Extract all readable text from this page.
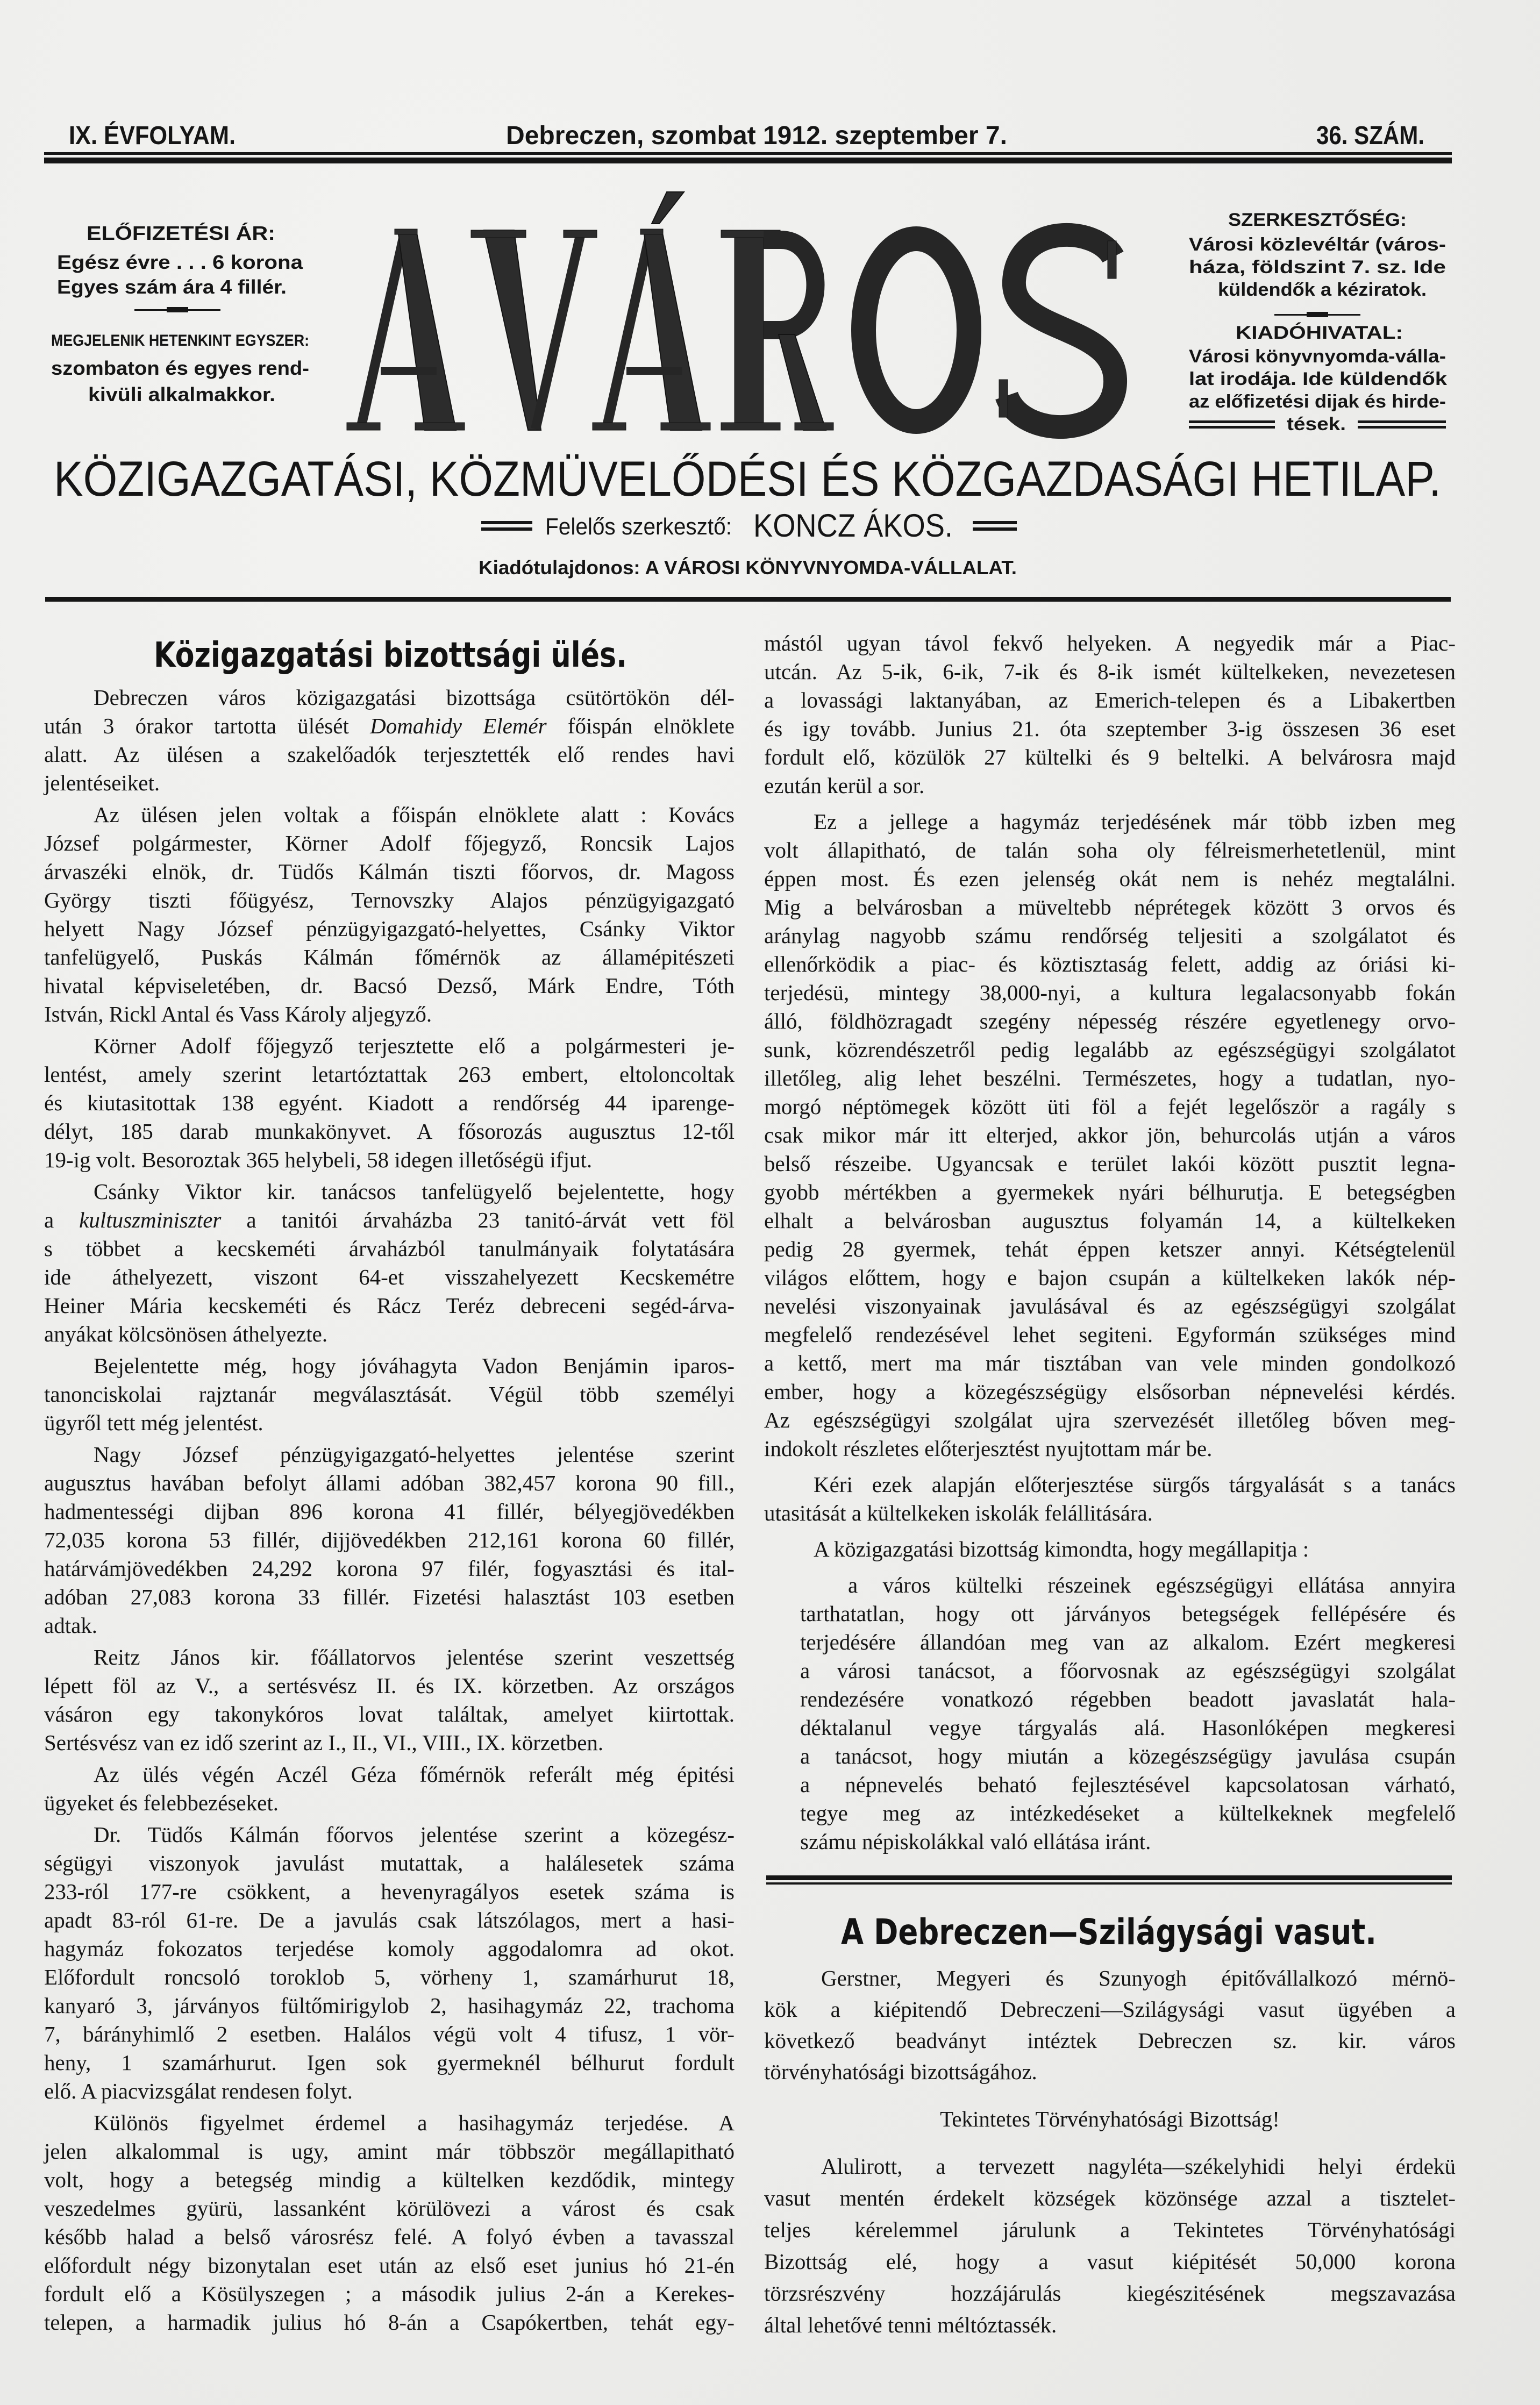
IX. ÉVFOLYAM.	Debreczen, szombat 1912. szeptember 7.	36. SZÁM.
ELŐFIZETÉSI ÁR:
Egész évre . . . 6 korona
Egyes szám ára 4 fillér.
MEGJELENIK HETENKINT EGYSZER:
szombaton és egyes rend-
kivüli alkalmakkor.
SZERKESZTŐSÉG:
Városi közlevéltár (város-
háza, földszint 7. sz. Ide
küldendők a kéziratok.
KIADÓHIVATAL:
Városi könyvnyomda-válla-
lat irodája. Ide küldendők
az előfizetési dijak és hirde-
tések.
KÖZIGAZGATÁSI, KÖZMÜVELŐDÉSI ÉS KÖZGAZDASÁGI HETILAP.
Felelős szerkesztő: KONCZ ÁKOS.
Kiadótulajdonos: A VÁROSI KÖNYVNYOMDA-VÁLLALAT.
Közigazgatási bizottsági ülés.
A Debreczen—Szilágysági vasut.
Debreczen város közigazgatási bizottsága csütörtökön dél-
után 3 órakor tartotta ülését Domahidy Elemér főispán elnöklete
alatt. Az ülésen a szakelőadók terjesztették elő rendes havi
jelentéseiket.
Az ülésen jelen voltak a főispán elnöklete alatt : Kovács
József polgármester, Körner Adolf főjegyző, Roncsik Lajos
árvaszéki elnök, dr. Tüdős Kálmán tiszti főorvos, dr. Magoss
György tiszti főügyész, Ternovszky Alajos pénzügyigazgató
helyett Nagy József pénzügyigazgató-helyettes, Csánky Viktor
tanfelügyelő, Puskás Kálmán főmérnök az államépitészeti
hivatal képviseletében, dr. Bacsó Dezső, Márk Endre, Tóth
István, Rickl Antal és Vass Károly aljegyző.
Körner Adolf főjegyző terjesztette elő a polgármesteri je-
lentést, amely szerint letartóztattak 263 embert, eltoloncoltak
és kiutasitottak 138 egyént. Kiadott a rendőrség 44 iparenge-
délyt, 185 darab munkakönyvet. A fősorozás augusztus 12-től
19-ig volt. Besoroztak 365 helybeli, 58 idegen illetőségü ifjut.
Csánky Viktor kir. tanácsos tanfelügyelő bejelentette, hogy
a kultuszminiszter a tanitói árvaházba 23 tanitó-árvát vett föl
s többet a kecskeméti árvaházból tanulmányaik folytatására
ide áthelyezett, viszont 64-et visszahelyezett Kecskemétre
Heiner Mária kecskeméti és Rácz Teréz debreceni segéd-árva-
anyákat kölcsönösen áthelyezte.
Bejelentette még, hogy jóváhagyta Vadon Benjámin iparos-
tanonciskolai rajztanár megválasztását. Végül több személyi
ügyről tett még jelentést.
Nagy József pénzügyigazgató-helyettes jelentése szerint
augusztus havában befolyt állami adóban 382,457 korona 90 fill.,
hadmentességi dijban 896 korona 41 fillér, bélyegjövedékben
72,035 korona 53 fillér, dijjövedékben 212,161 korona 60 fillér,
határvámjövedékben 24,292 korona 97 filér, fogyasztási és ital-
adóban 27,083 korona 33 fillér. Fizetési halasztást 103 esetben
adtak.
Reitz János kir. főállatorvos jelentése szerint veszettség
lépett föl az V., a sertésvész II. és IX. körzetben. Az országos
vásáron egy takonykóros lovat találtak, amelyet kiirtottak.
Sertésvész van ez idő szerint az I., II., VI., VIII., IX. körzetben.
Az ülés végén Aczél Géza főmérnök referált még épitési
ügyeket és felebbezéseket.
Dr. Tüdős Kálmán főorvos jelentése szerint a közegész-
ségügyi viszonyok javulást mutattak, a halálesetek száma
233-ról 177-re csökkent, a hevenyragályos esetek száma is
apadt 83-ról 61-re. De a javulás csak látszólagos, mert a hasi-
hagymáz fokozatos terjedése komoly aggodalomra ad okot.
Előfordult roncsoló toroklob 5, vörheny 1, szamárhurut 18,
kanyaró 3, járványos fültőmirigylob 2, hasihagymáz 22, trachoma
7, bárányhimlő 2 esetben. Halálos végü volt 4 tifusz, 1 vör-
heny, 1 szamárhurut. Igen sok gyermeknél bélhurut fordult
elő. A piacvizsgálat rendesen folyt.
Különös figyelmet érdemel a hasihagymáz terjedése. A
jelen alkalommal is ugy, amint már többször megállapitható
volt, hogy a betegség mindig a kültelken kezdődik, mintegy
veszedelmes gyürü, lassanként körülövezi a várost és csak
később halad a belső városrész felé. A folyó évben a tavasszal
előfordult négy bizonytalan eset után az első eset junius hó 21-én
fordult elő a Kösülyszegen ; a második julius 2-án a Kerekes-
telepen, a harmadik julius hó 8-án a Csapókertben, tehát egy-
mástól ugyan távol fekvő helyeken. A negyedik már a Piac-
utcán. Az 5-ik, 6-ik, 7-ik és 8-ik ismét kültelkeken, nevezetesen
a lovassági laktanyában, az Emerich-telepen és a Libakertben
és igy tovább. Junius 21. óta szeptember 3-ig összesen 36 eset
fordult elő, közülök 27 kültelki és 9 beltelki. A belvárosra majd
ezután kerül a sor.
Ez a jellege a hagymáz terjedésének már több izben meg
volt állapitható, de talán soha oly félreismerhetetlenül, mint
éppen most. És ezen jelenség okát nem is nehéz megtalálni.
Mig a belvárosban a müveltebb néprétegek között 3 orvos és
aránylag nagyobb számu rendőrség teljesiti a szolgálatot és
ellenőrködik a piac- és köztisztaság felett, addig az óriási ki-
terjedésü, mintegy 38,000-nyi, a kultura legalacsonyabb fokán
álló, földhözragadt szegény népesség részére egyetlenegy orvo-
sunk, közrendészetről pedig legalább az egészségügyi szolgálatot
illetőleg, alig lehet beszélni. Természetes, hogy a tudatlan, nyo-
morgó néptömegek között üti föl a fejét legelőször a ragály s
csak mikor már itt elterjed, akkor jön, behurcolás utján a város
belső részeibe. Ugyancsak e terület lakói között pusztit legna-
gyobb mértékben a gyermekek nyári bélhurutja. E betegségben
elhalt a belvárosban augusztus folyamán 14, a kültelkeken
pedig 28 gyermek, tehát éppen ketszer annyi. Kétségtelenül
világos előttem, hogy e bajon csupán a kültelkeken lakók nép-
nevelési viszonyainak javulásával és az egészségügyi szolgálat
megfelelő rendezésével lehet segiteni. Egyformán szükséges mind
a kettő, mert ma már tisztában van vele minden gondolkozó
ember, hogy a közegészségügy elsősorban népnevelési kérdés.
Az egészségügyi szolgálat ujra szervezését illetőleg bőven meg-
indokolt részletes előterjesztést nyujtottam már be.
Kéri ezek alapján előterjesztése sürgős tárgyalását s a tanács
utasitását a kültelkeken iskolák felállitására.
A közigazgatási bizottság kimondta, hogy megállapitja :
a város kültelki részeinek egészségügyi ellátása annyira
tarthatatlan, hogy ott járványos betegségek fellépésére és
terjedésére állandóan meg van az alkalom. Ezért megkeresi
a városi tanácsot, a főorvosnak az egészségügyi szolgálat
rendezésére vonatkozó régebben beadott javaslatát hala-
déktalanul vegye tárgyalás alá. Hasonlóképen megkeresi
a tanácsot, hogy miután a közegészségügy javulása csupán
a népnevelés beható fejlesztésével kapcsolatosan várható,
tegye meg az intézkedéseket a kültelkeknek megfelelő
számu népiskolákkal való ellátása iránt.
Gerstner, Megyeri és Szunyogh épitővállalkozó mérnö-
kök a kiépitendő Debreczeni—Szilágysági vasut ügyében a
következő beadványt intéztek Debreczen sz. kir. város
törvényhatósági bizottságához.
Tekintetes Törvényhatósági Bizottság!
Alulirott, a tervezett nagyléta—székelyhidi helyi érdekü
vasut mentén érdekelt községek közönsége azzal a tisztelet-
teljes kérelemmel járulunk a Tekintetes Törvényhatósági
Bizottság elé, hogy a vasut kiépitését 50,000 korona
törzsrészvény hozzájárulás kiegészitésének megszavazása
által lehetővé tenni méltóztassék.
